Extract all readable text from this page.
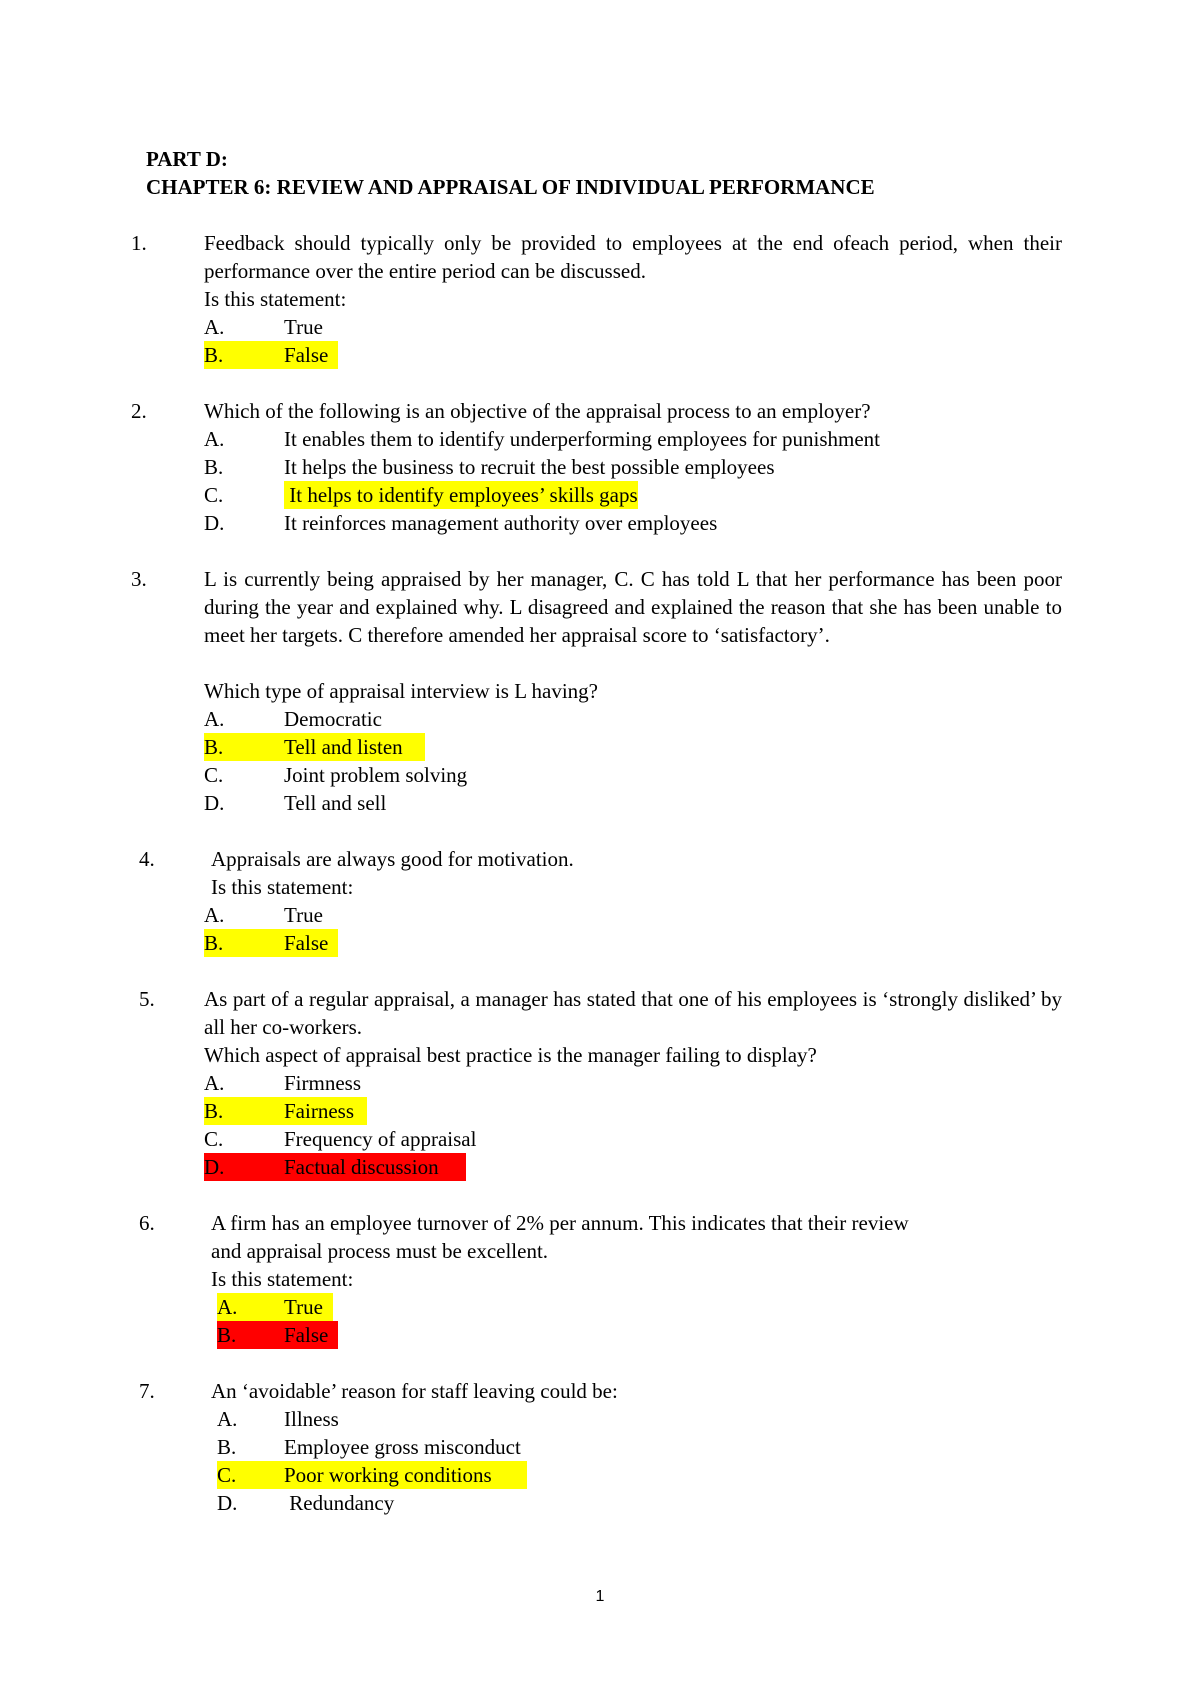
PART D:
CHAPTER 6: REVIEW AND APPRAISAL OF INDIVIDUAL PERFORMANCE
1.	Feedback should typically only be provided to employees at the end ofeach period, when their performance over the entire period can be discussed.
Is this statement:
A.	True
B.	False
2.	Which of the following is an objective of the appraisal process to an employer?
A.	It enables them to identify underperforming employees for punishment
B.	It helps the business to recruit the best possible employees
C.	It helps to identify employees’ skills gaps
D.	It reinforces management authority over employees
3.	L is currently being appraised by her manager, C. C has told L that her performance has been poor during the year and explained why. L disagreed and explained the reason that she has been unable to meet her targets. C therefore amended her appraisal score to ‘satisfactory’.
Which type of appraisal interview is L having?
A.	Democratic
B.	Tell and listen
C.	Joint problem solving
D.	Tell and sell
4.	Appraisals are always good for motivation.
Is this statement:
A.	True
B.	False
5. As part of a regular appraisal, a manager has stated that one of his employees is ‘strongly disliked’ by all her co-workers.
Which aspect of appraisal best practice is the manager failing to display?
A.	Firmness
B.	Fairness
C.	Frequency of appraisal
D.	Factual discussion
6.	A firm has an employee turnover of 2% per annum. This indicates that their review
and appraisal process must be excellent.
Is this statement:
A. True
B. False
7.	An ‘avoidable’ reason for staff leaving could be:
A. Illness
B. Employee gross misconduct
C. Poor working conditions
D. Redundancy
1
